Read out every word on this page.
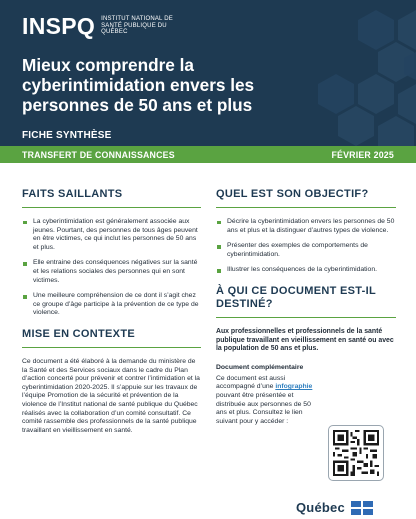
INSPQ INSTITUT NATIONAL DE SANTÉ PUBLIQUE DU QUÉBEC
Mieux comprendre la cyberintimidation envers les personnes de 50 ans et plus
FICHE SYNTHÈSE
TRANSFERT DE CONNAISSANCES	FÉVRIER 2025
FAITS SAILLANTS
La cyberintimidation est généralement associée aux jeunes. Pourtant, des personnes de tous âges peuvent en être victimes, ce qui inclut les personnes de 50 ans et plus.
Elle entraine des conséquences négatives sur la santé et les relations sociales des personnes qui en sont victimes.
Une meilleure compréhension de ce dont il s’agit chez ce groupe d’âge participe à la prévention de ce type de violence.
MISE EN CONTEXTE

Ce document a été élaboré à la demande du ministère de la Santé et des Services sociaux dans le cadre du Plan d’action concerté pour prévenir et contrer l’intimidation et la cyberintimidation 2020-2025. Il s’appuie sur les travaux de l’équipe Promotion de la sécurité et prévention de la violence de l’Institut national de santé publique du Québec réalisés avec la collaboration d’un comité consultatif. Ce comité rassemble des professionnels de la santé publique travaillant en vieillissement en santé.

QUEL EST SON OBJECTIF?
Décrire la cyberintimidation envers les personnes de 50 ans et plus et la distinguer d’autres types de violence.
Présenter des exemples de comportements de cyberintimidation.
Illustrer les conséquences de la cyberintimidation.
À QUI CE DOCUMENT EST-IL DESTINÉ?

Aux professionnelles et professionnels de la santé publique travaillant en vieillissement en santé ou avec la population de 50 ans et plus.

Document complémentaire

Ce document est aussi accompagné d’une infographie pouvant être présentée et distribuée aux personnes de 50 ans et plus. Consultez le lien suivant pour y accéder :

Québec
